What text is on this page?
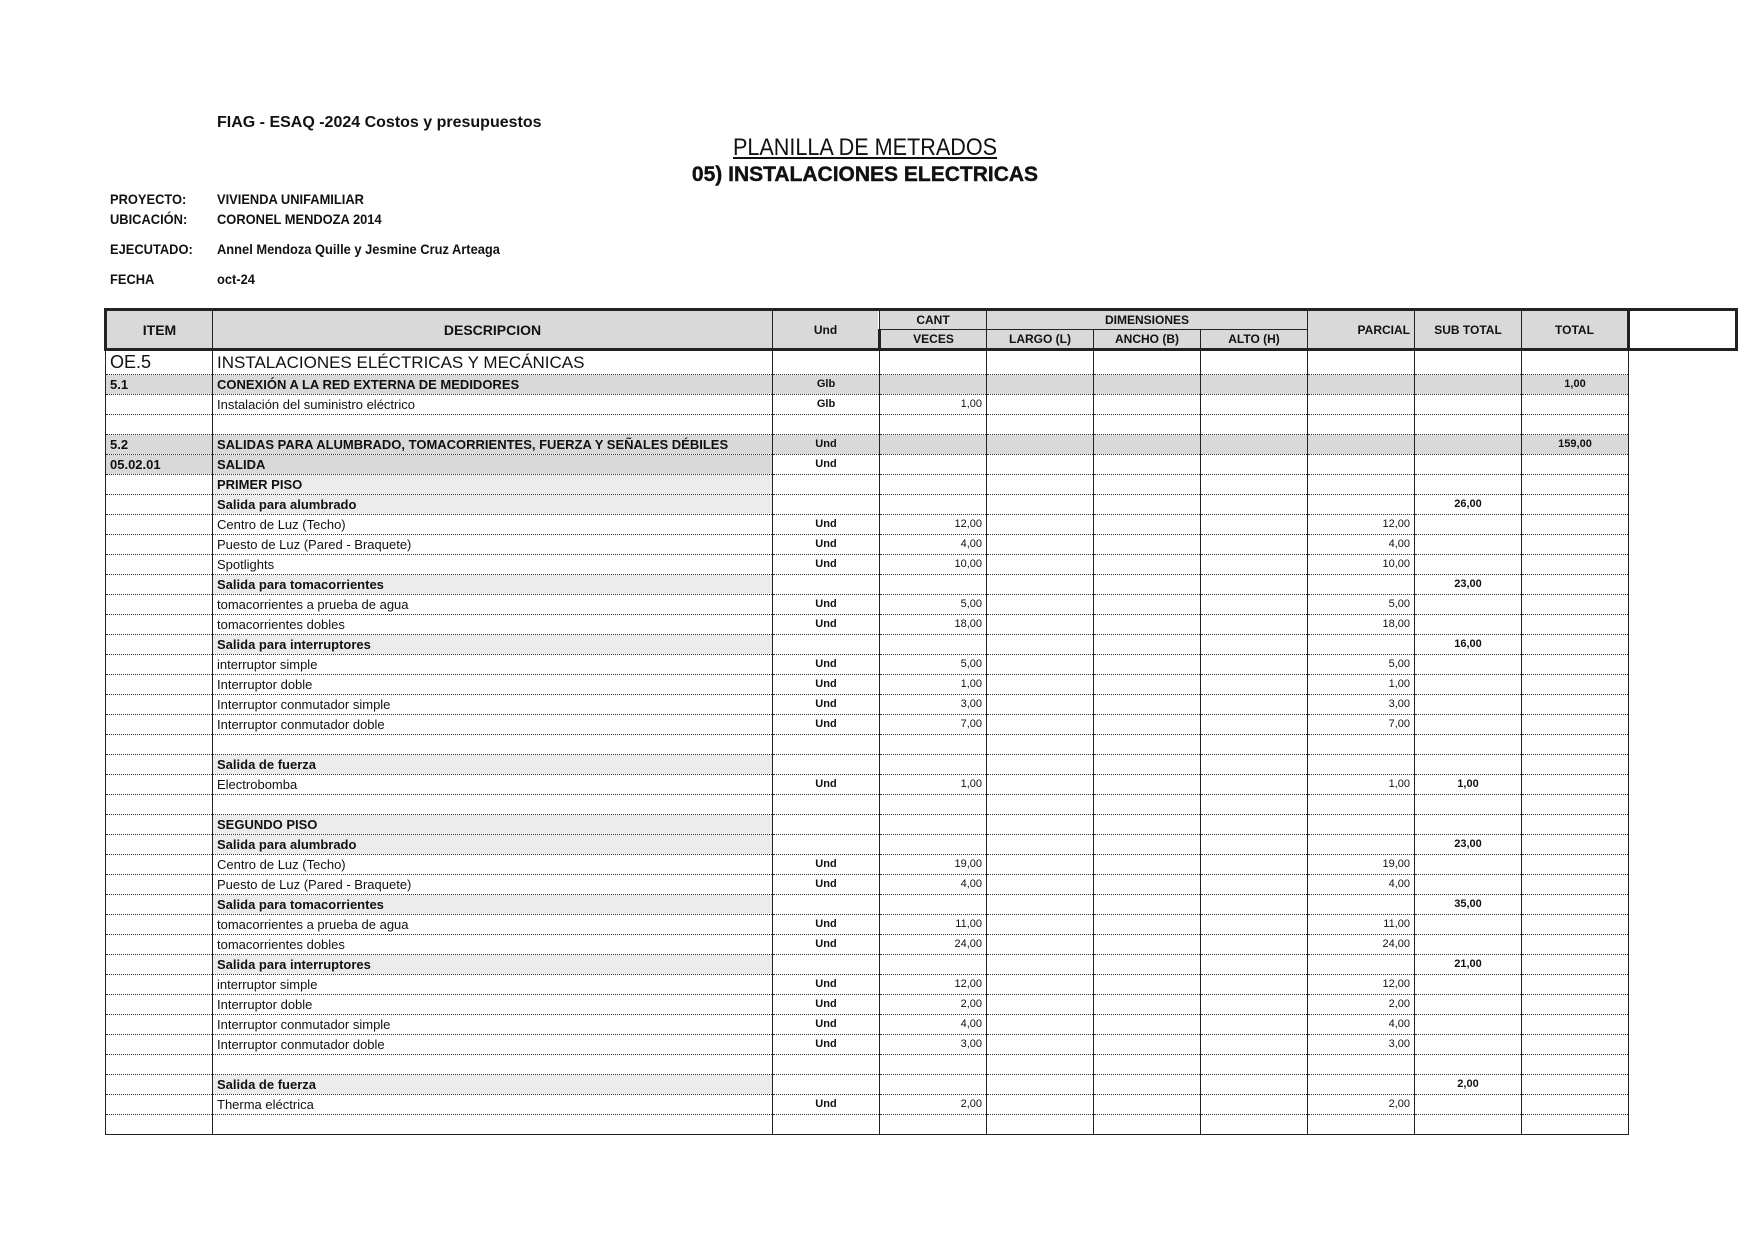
FIAG - ESAQ -2024 Costos y presupuestos
PLANILLA DE METRADOS
05) INSTALACIONES ELECTRICAS
PROYECTO: VIVIENDA UNIFAMILIAR
UBICACIÓN: CORONEL MENDOZA 2014
EJECUTADO: Annel Mendoza Quille y Jesmine Cruz Arteaga
FECHA	oct-24
ITEM	DESCRIPCION	Und	CANT	DIMENSIONES			PARCIAL	SUB TOTAL	TOTAL
			VECES	LARGO (L)	ANCHO (B)	ALTO (H)			
OE.5	INSTALACIONES ELÉCTRICAS Y MECÁNICAS								
5.1	CONEXIÓN A LA RED EXTERNA DE MEDIDORES	Glb							1,00
	Instalación del suministro eléctrico	Glb	1,00						

5.2	SALIDAS PARA ALUMBRADO, TOMACORRIENTES, FUERZA Y SEÑALES DÉBILES	Und							159,00
05.02.01	SALIDA	Und							
	PRIMER PISO								
	Salida para alumbrado							26,00	
	Centro de Luz (Techo)	Und	12,00				12,00		
	Puesto de Luz (Pared - Braquete)	Und	4,00				4,00		
	Spotlights	Und	10,00				10,00		
	Salida para tomacorrientes							23,00	
	tomacorrientes a prueba de agua	Und	5,00				5,00		
	tomacorrientes dobles	Und	18,00				18,00		
	Salida para interruptores							16,00	
	interruptor simple	Und	5,00				5,00		
	Interruptor doble	Und	1,00				1,00		
	Interruptor conmutador simple	Und	3,00				3,00		
	Interruptor conmutador doble	Und	7,00				7,00		

	Salida de fuerza								
	Electrobomba	Und	1,00				1,00	1,00	

	SEGUNDO PISO								
	Salida para alumbrado							23,00	
	Centro de Luz (Techo)	Und	19,00				19,00		
	Puesto de Luz (Pared - Braquete)	Und	4,00				4,00		
	Salida para tomacorrientes							35,00	
	tomacorrientes a prueba de agua	Und	11,00				11,00		
	tomacorrientes dobles	Und	24,00				24,00		
	Salida para interruptores							21,00	
	interruptor simple	Und	12,00				12,00		
	Interruptor doble	Und	2,00				2,00		
	Interruptor conmutador simple	Und	4,00				4,00		
	Interruptor conmutador doble	Und	3,00				3,00		

	Salida de fuerza							2,00	
	Therma eléctrica	Und	2,00				2,00		
